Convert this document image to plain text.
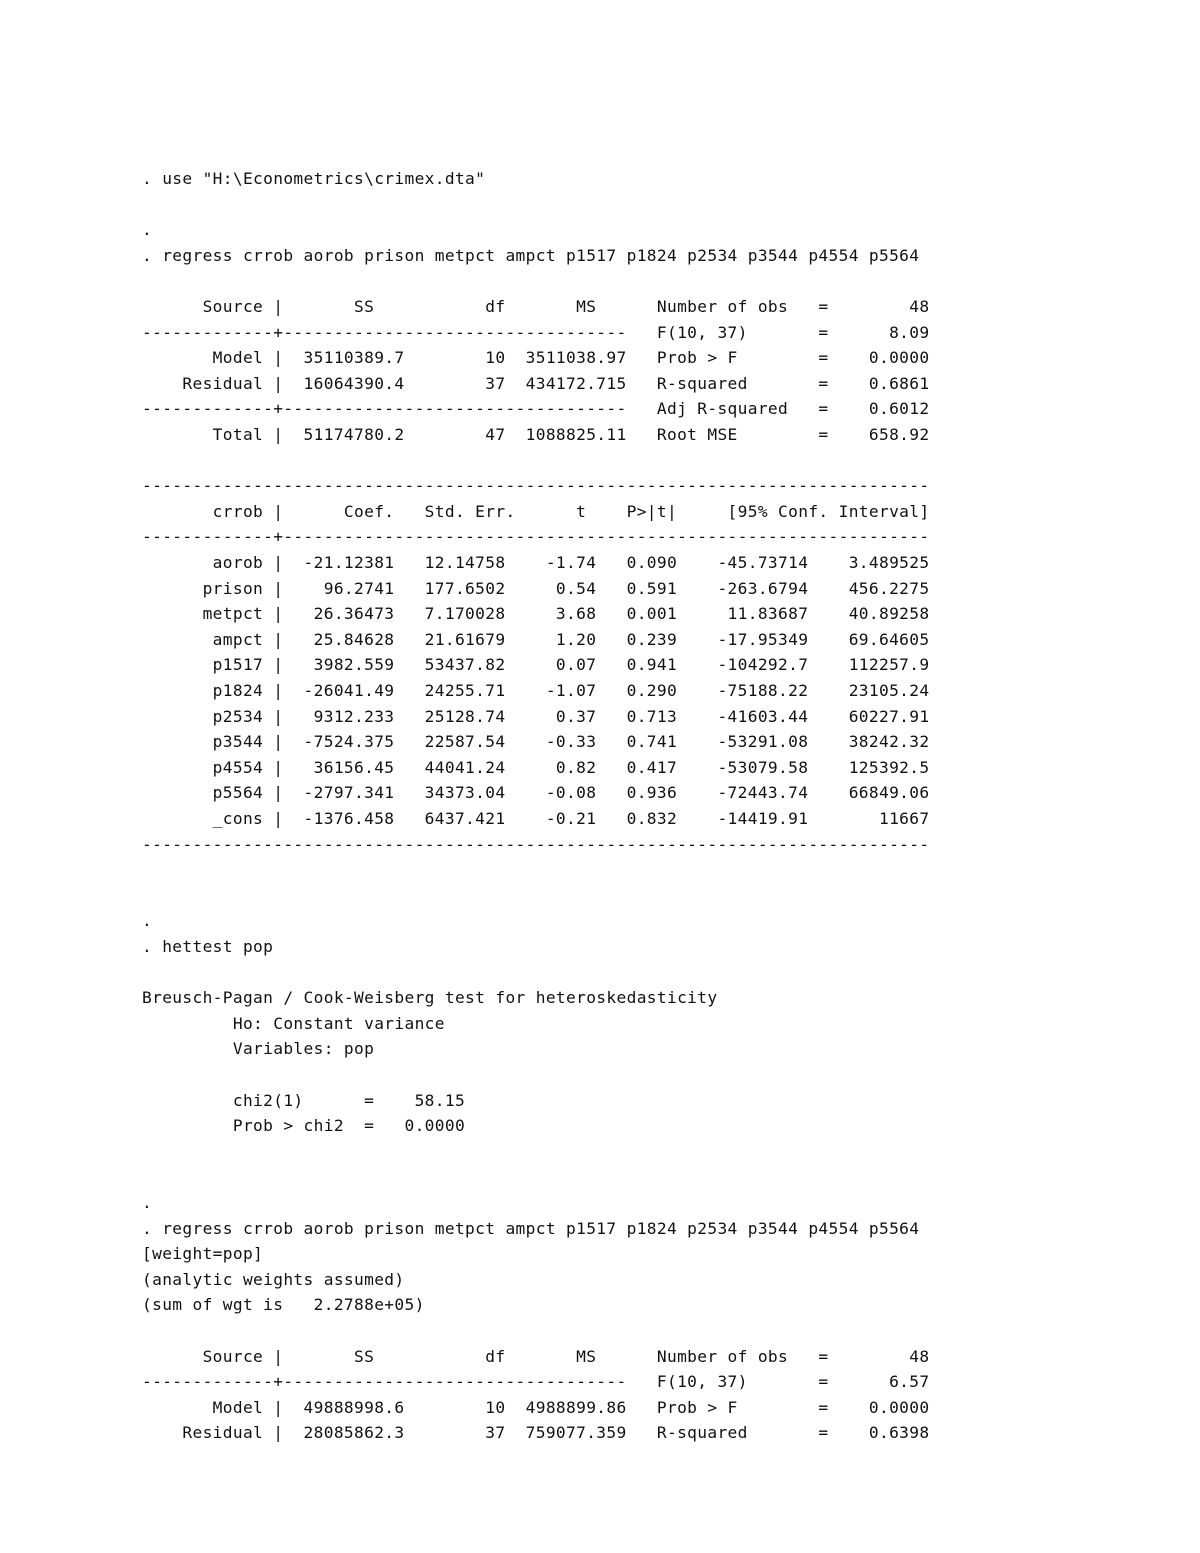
. use "H:\Econometrics\crimex.dta"
.
. regress crrob aorob prison metpct ampct p1517 p1824 p2534 p3544 p4554 p5564
Source |       SS           df       MS      Number of obs   =        48
-------------+----------------------------------   F(10, 37)       =      8.09
Model |  35110389.7        10  3511038.97   Prob > F        =    0.0000
Residual |  16064390.4        37  434172.715   R-squared       =    0.6861
-------------+----------------------------------   Adj R-squared   =    0.6012
Total |  51174780.2        47  1088825.11   Root MSE        =    658.92
------------------------------------------------------------------------------
crrob |      Coef.   Std. Err.      t    P>|t|     [95% Conf. Interval]
-------------+----------------------------------------------------------------
aorob |  -21.12381   12.14758    -1.74   0.090    -45.73714    3.489525
prison |    96.2741   177.6502     0.54   0.591    -263.6794    456.2275
metpct |   26.36473   7.170028     3.68   0.001     11.83687    40.89258
ampct |   25.84628   21.61679     1.20   0.239    -17.95349    69.64605
p1517 |   3982.559   53437.82     0.07   0.941    -104292.7    112257.9
p1824 |  -26041.49   24255.71    -1.07   0.290    -75188.22    23105.24
p2534 |   9312.233   25128.74     0.37   0.713    -41603.44    60227.91
p3544 |  -7524.375   22587.54    -0.33   0.741    -53291.08    38242.32
p4554 |   36156.45   44041.24     0.82   0.417    -53079.58    125392.5
p5564 |  -2797.341   34373.04    -0.08   0.936    -72443.74    66849.06
_cons |  -1376.458   6437.421    -0.21   0.832    -14419.91       11667
------------------------------------------------------------------------------
.
. hettest pop
Breusch-Pagan / Cook-Weisberg test for heteroskedasticity
Ho: Constant variance
Variables: pop
chi2(1)      =    58.15
Prob > chi2  =   0.0000
.
. regress crrob aorob prison metpct ampct p1517 p1824 p2534 p3544 p4554 p5564
[weight=pop]
(analytic weights assumed)
(sum of wgt is   2.2788e+05)
Source |       SS           df       MS      Number of obs   =        48
-------------+----------------------------------   F(10, 37)       =      6.57
Model |  49888998.6        10  4988899.86   Prob > F        =    0.0000
Residual |  28085862.3        37  759077.359   R-squared       =    0.6398
